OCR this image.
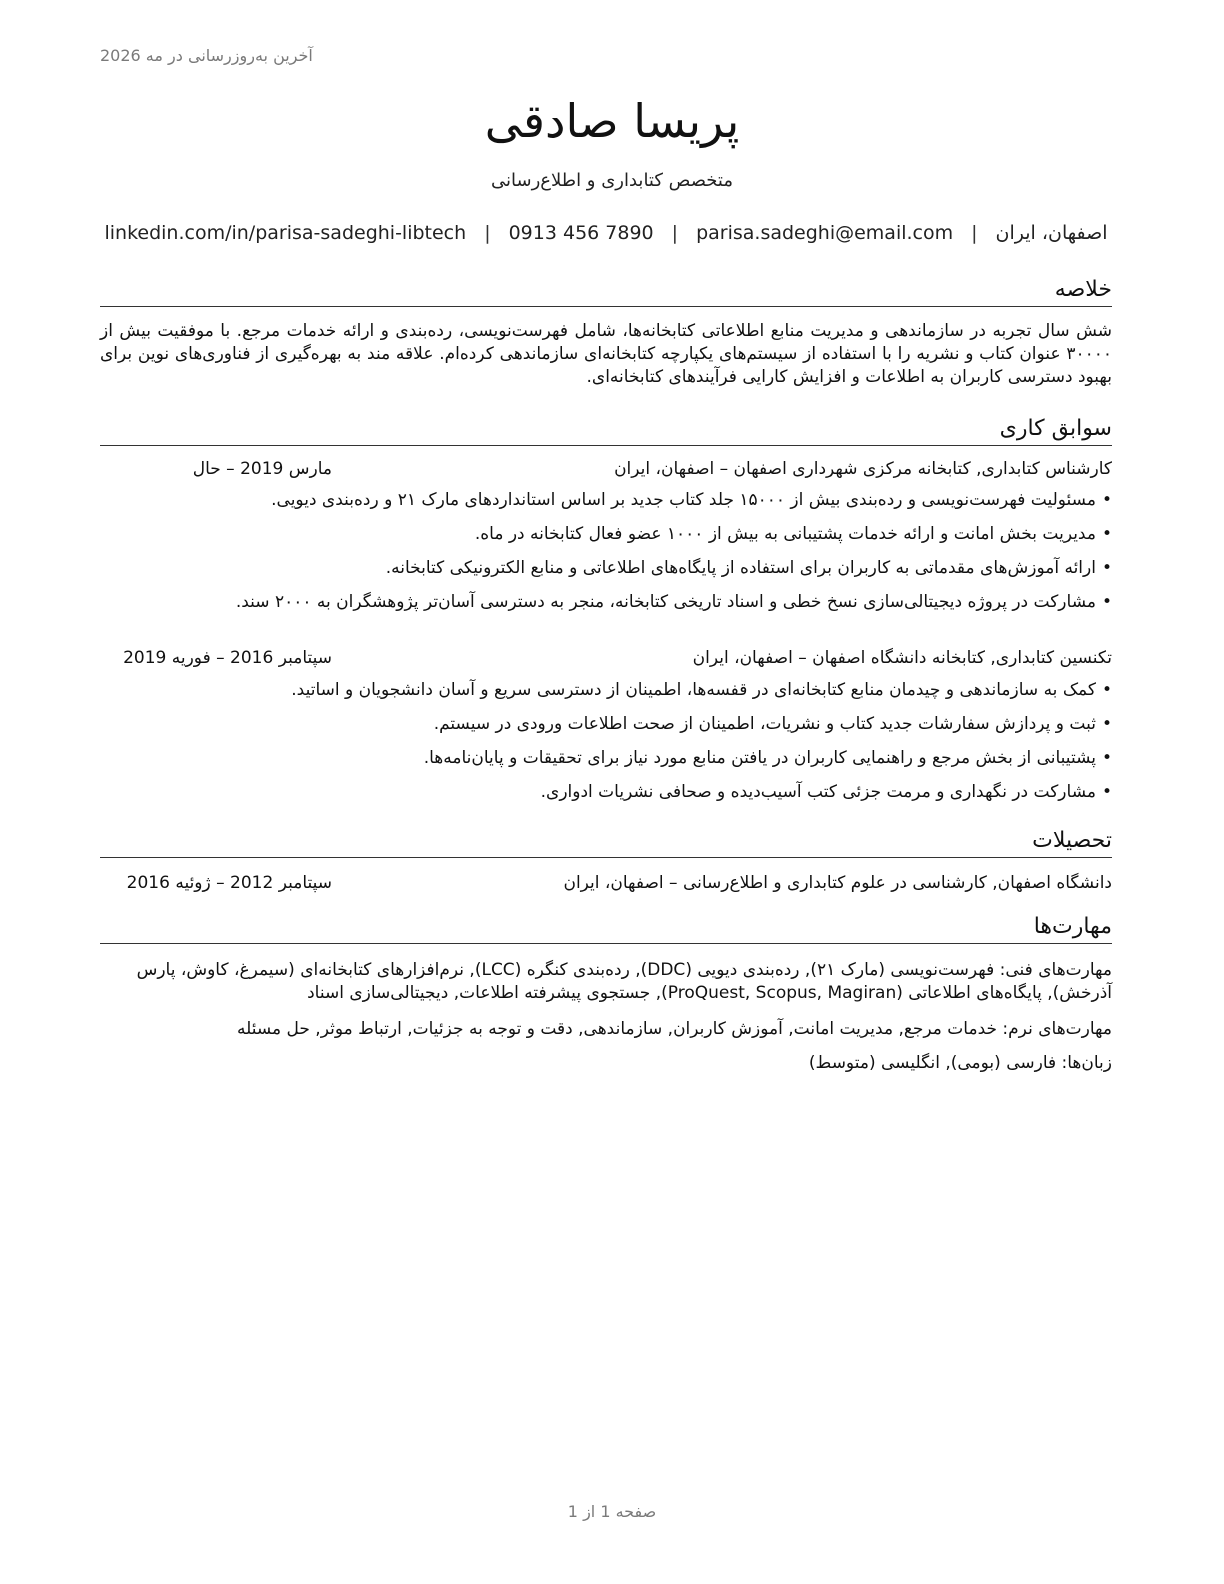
آخرین به‌روزرسانی در مه 2026
پریسا صادقی
متخصص کتابداری و اطلاع‌رسانی
اصفهان، ایران
|
parisa.sadeghi@email.com
|
0913 456 7890
|
linkedin.com/in/parisa-sadeghi-libtech
خلاصه

شش سال تجربه در سازماندهی و مدیریت منابع اطلاعاتی کتابخانه‌ها، شامل فهرست‌نویسی، رده‌بندی و ارائه خدمات مرجع. با موفقیت بیش از ۳۰۰۰۰ عنوان کتاب و نشریه را با استفاده از سیستم‌های یکپارچه کتابخانه‌ای سازماندهی کرده‌ام. علاقه مند به بهره‌گیری از فناوری‌های نوین برای بهبود دسترسی کاربران به اطلاعات و افزایش کارایی فرآیندهای کتابخانه‌ای.

سوابق کاری
کارشناس کتابداری, کتابخانه مرکزی شهرداری اصفهان – اصفهان، ایران
مارس 2019 – حال
• مسئولیت فهرست‌نویسی و رده‌بندی بیش از ۱۵۰۰۰ جلد کتاب جدید بر اساس استانداردهای مارک ۲۱ و رده‌بندی دیویی.
• مدیریت بخش امانت و ارائه خدمات پشتیبانی به بیش از ۱۰۰۰ عضو فعال کتابخانه در ماه.
• ارائه آموزش‌های مقدماتی به کاربران برای استفاده از پایگاه‌های اطلاعاتی و منابع الکترونیکی کتابخانه.
• مشارکت در پروژه دیجیتالی‌سازی نسخ خطی و اسناد تاریخی کتابخانه، منجر به دسترسی آسان‌تر پژوهشگران به ۲۰۰۰ سند.
تکنسین کتابداری, کتابخانه دانشگاه اصفهان – اصفهان، ایران
سپتامبر 2016 – فوریه 2019
• کمک به سازماندهی و چیدمان منابع کتابخانه‌ای در قفسه‌ها، اطمینان از دسترسی سریع و آسان دانشجویان و اساتید.
• ثبت و پردازش سفارشات جدید کتاب و نشریات، اطمینان از صحت اطلاعات ورودی در سیستم.
• پشتیبانی از بخش مرجع و راهنمایی کاربران در یافتن منابع مورد نیاز برای تحقیقات و پایان‌نامه‌ها.
• مشارکت در نگهداری و مرمت جزئی کتب آسیب‌دیده و صحافی نشریات ادواری.
تحصیلات
دانشگاه اصفهان, کارشناسی در علوم کتابداری و اطلاع‌رسانی – اصفهان، ایران
سپتامبر 2012 – ژوئیه 2016
مهارت‌ها

مهارت‌های فنی: فهرست‌نویسی (مارک ۲۱), رده‌بندی دیویی (DDC), رده‌بندی کنگره (LCC), نرم‌افزارهای کتابخانه‌ای (سیمرغ، کاوش، پارس آذرخش), پایگاه‌های اطلاعاتی (ProQuest, Scopus, Magiran), جستجوی پیشرفته اطلاعات, دیجیتالی‌سازی اسناد

مهارت‌های نرم: خدمات مرجع, مدیریت امانت, آموزش کاربران, سازماندهی, دقت و توجه به جزئیات, ارتباط موثر, حل مسئله

زبان‌ها: فارسی (بومی), انگلیسی (متوسط)

صفحه 1 از 1
